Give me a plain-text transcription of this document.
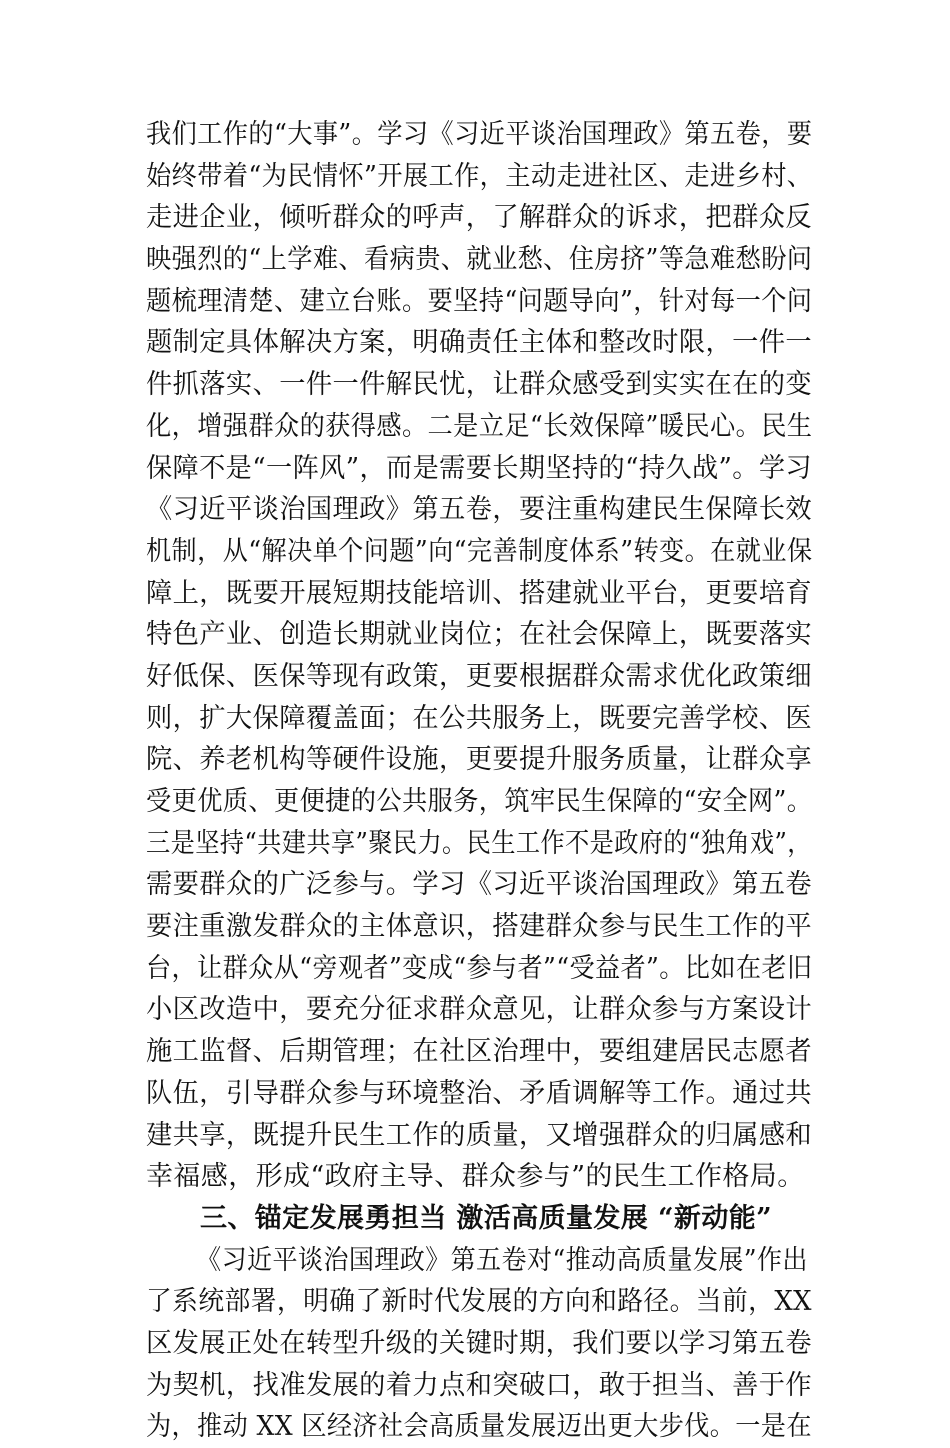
我们工作的“大事”。学习《习近平谈治国理政》第五卷，要
始终带着“为民情怀”开展工作，主动走进社区、走进乡村、
走进企业，倾听群众的呼声，了解群众的诉求，把群众反
映强烈的“上学难、看病贵、就业愁、住房挤”等急难愁盼问
题梳理清楚、建立台账。要坚持“问题导向”，针对每一个问
题制定具体解决方案，明确责任主体和整改时限，一件一
件抓落实、一件一件解民忧，让群众感受到实实在在的变
化，增强群众的获得感。二是立足“长效保障”暖民心。民生
保障不是“一阵风”，而是需要长期坚持的“持久战”。学习
《习近平谈治国理政》第五卷，要注重构建民生保障长效
机制，从“解决单个问题”向“完善制度体系”转变。在就业保
障上，既要开展短期技能培训、搭建就业平台，更要培育
特色产业、创造长期就业岗位；在社会保障上，既要落实
好低保、医保等现有政策，更要根据群众需求优化政策细
则，扩大保障覆盖面；在公共服务上，既要完善学校、医
院、养老机构等硬件设施，更要提升服务质量，让群众享
受更优质、更便捷的公共服务，筑牢民生保障的“安全网”。
三是坚持“共建共享”聚民力。民生工作不是政府的“独角戏”，
需要群众的广泛参与。学习《习近平谈治国理政》第五卷
要注重激发群众的主体意识，搭建群众参与民生工作的平
台，让群众从“旁观者”变成“参与者”“受益者”。比如在老旧
小区改造中，要充分征求群众意见，让群众参与方案设计
施工监督、后期管理；在社区治理中，要组建居民志愿者
队伍，引导群众参与环境整治、矛盾调解等工作。通过共
建共享，既提升民生工作的质量，又增强群众的归属感和
幸福感，形成“政府主导、群众参与”的民生工作格局。
三、锚定发展勇担当 激活高质量发展 “新动能”
《习近平谈治国理政》第五卷对“推动高质量发展”作出
了系统部署，明确了新时代发展的方向和路径。当前，XX
区发展正处在转型升级的关键时期，我们要以学习第五卷
为契机，找准发展的着力点和突破口，敢于担当、善于作
为，推动 XX 区经济社会高质量发展迈出更大步伐。一是在
